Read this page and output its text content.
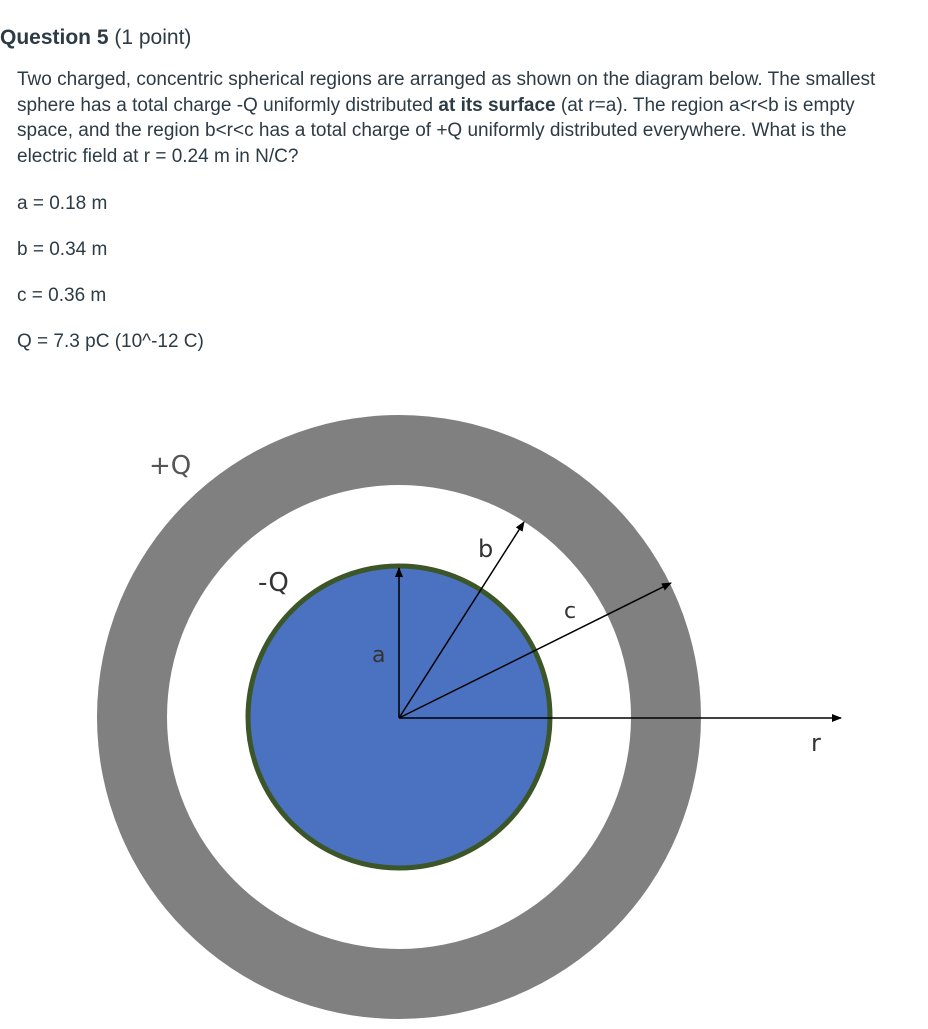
Question 5 (1 point)

Two charged, concentric spherical regions are arranged as shown on the diagram below. The smallest sphere has a total charge -Q uniformly distributed at its surface (at r=a). The region a<r<b is empty space, and the region b<r<c has a total charge of +Q uniformly distributed everywhere. What is the electric field at r = 0.24 m in N/C?

a = 0.18 m

b = 0.34 m

c = 0.36 m

Q = 7.3 pC (10^-12 C)

+Q
-Q
a
b
c
r
